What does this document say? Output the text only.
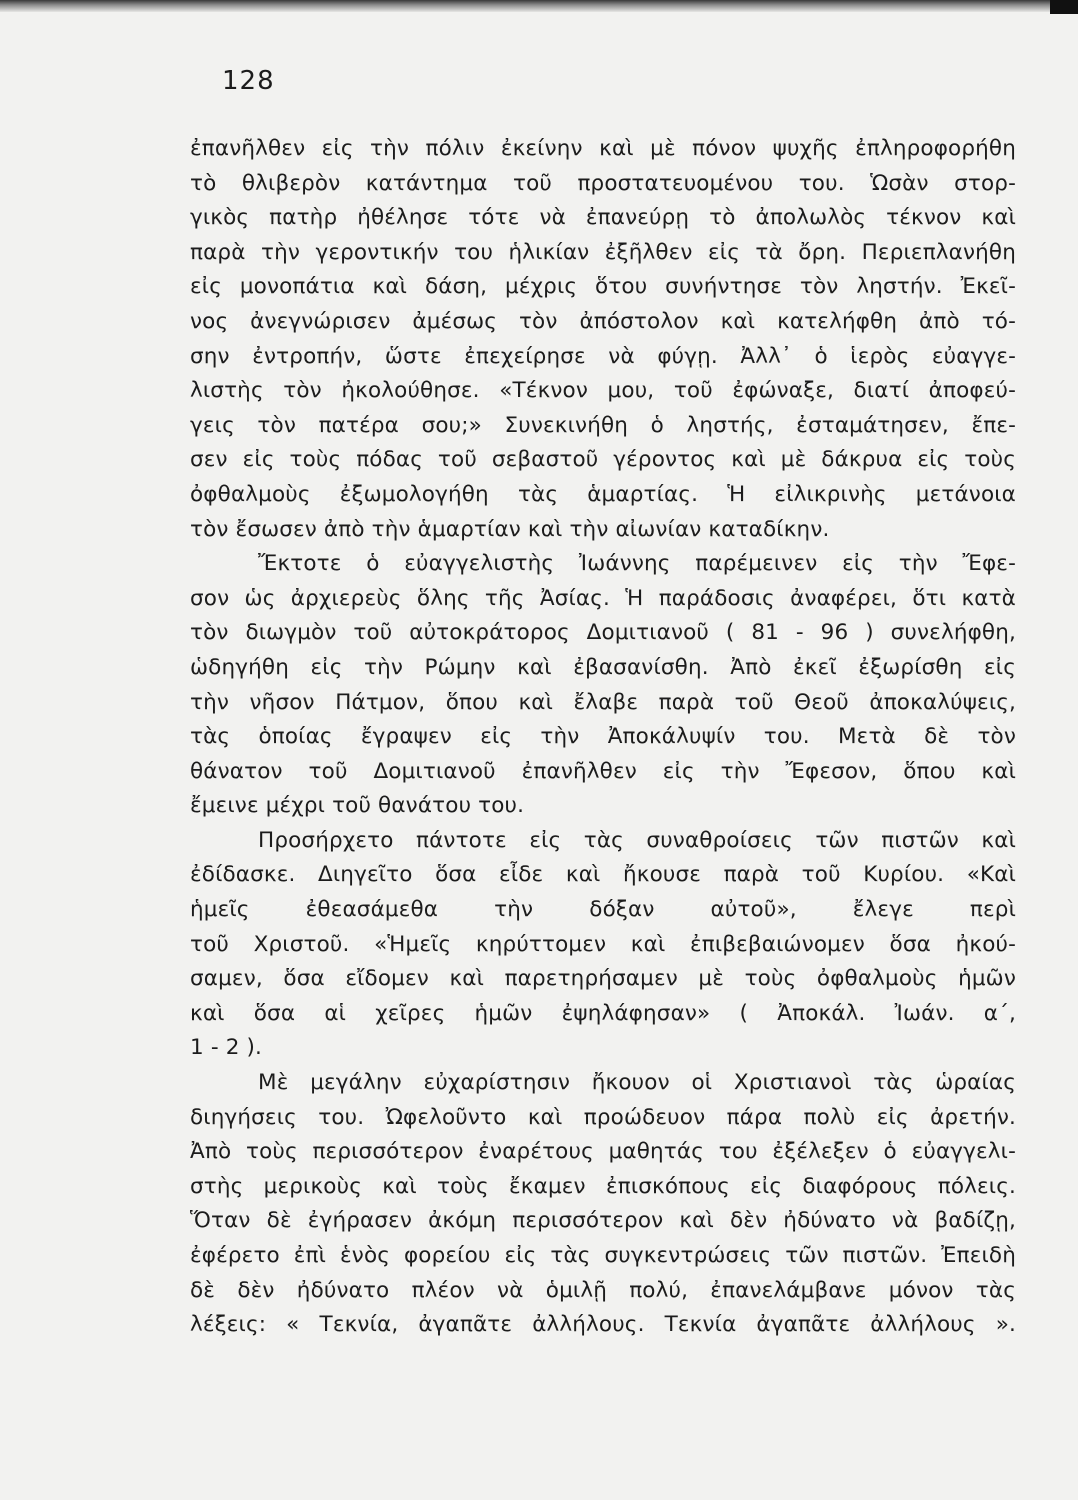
128
ἐπανῆλθεν εἰς τὴν πόλιν ἐκείνην καὶ μὲ πόνον ψυχῆς ἐπληροφορήθη
τὸ θλιβερὸν κατάντημα τοῦ προστατευομένου του. Ὡσὰν στορ-
γικὸς πατὴρ ἠθέλησε τότε νὰ ἐπανεύρῃ τὸ ἀπολωλὸς τέκνον καὶ
παρὰ τὴν γεροντικήν του ἡλικίαν ἐξῆλθεν εἰς τὰ ὄρη. Περιεπλανήθη
εἰς μονοπάτια καὶ δάση, μέχρις ὅτου συνήντησε τὸν ληστήν. Ἐκεῖ-
νος ἀνεγνώρισεν ἀμέσως τὸν ἀπόστολον καὶ κατελήφθη ἀπὸ τό-
σην ἐντροπήν, ὥστε ἐπεχείρησε νὰ φύγῃ. Ἀλλ᾽ ὁ ἱερὸς εὐαγγε-
λιστὴς τὸν ἠκολούθησε. «Τέκνον μου, τοῦ ἐφώναξε, διατί ἀποφεύ-
γεις τὸν πατέρα σου;» Συνεκινήθη ὁ ληστής, ἐσταμάτησεν, ἔπε-
σεν εἰς τοὺς πόδας τοῦ σεβαστοῦ γέροντος καὶ μὲ δάκρυα εἰς τοὺς
ὀφθαλμοὺς ἐξωμολογήθη τὰς ἁμαρτίας. Ἡ εἰλικρινὴς μετάνοια
τὸν ἔσωσεν ἀπὸ τὴν ἁμαρτίαν καὶ τὴν αἰωνίαν καταδίκην.
Ἔκτοτε ὁ εὐαγγελιστὴς Ἰωάννης παρέμεινεν εἰς τὴν Ἔφε-
σον ὡς ἀρχιερεὺς ὅλης τῆς Ἀσίας. Ἡ παράδοσις ἀναφέρει, ὅτι κατὰ
τὸν διωγμὸν τοῦ αὐτοκράτορος Δομιτιανοῦ ( 81 - 96 ) συνελήφθη,
ὡδηγήθη εἰς τὴν Ρώμην καὶ ἐβασανίσθη. Ἀπὸ ἐκεῖ ἐξωρίσθη εἰς
τὴν νῆσον Πάτμον, ὅπου καὶ ἔλαβε παρὰ τοῦ Θεοῦ ἀποκαλύψεις,
τὰς ὁποίας ἔγραψεν εἰς τὴν Ἀποκάλυψίν του. Μετὰ δὲ τὸν
θάνατον τοῦ Δομιτιανοῦ ἐπανῆλθεν εἰς τὴν Ἔφεσον, ὅπου καὶ
ἔμεινε μέχρι τοῦ θανάτου του.
Προσήρχετο πάντοτε εἰς τὰς συναθροίσεις τῶν πιστῶν καὶ
ἐδίδασκε. Διηγεῖτο ὅσα εἶδε καὶ ἤκουσε παρὰ τοῦ Κυρίου. «Καὶ
ἡμεῖς ἐθεασάμεθα τὴν δόξαν αὐτοῦ», ἔλεγε περὶ
τοῦ Χριστοῦ. «Ἡμεῖς κηρύττομεν καὶ ἐπιβεβαιώνομεν ὅσα ἠκού-
σαμεν, ὅσα εἴδομεν καὶ παρετηρήσαμεν μὲ τοὺς ὀφθαλμοὺς ἡμῶν
καὶ ὅσα αἱ χεῖρες ἡμῶν ἐψηλάφησαν» ( Ἀποκάλ. Ἰωάν. α΄,
1 - 2 ).
Μὲ μεγάλην εὐχαρίστησιν ἤκουον οἱ Χριστιανοὶ τὰς ὡραίας
διηγήσεις του. Ὠφελοῦντο καὶ προώδευον πάρα πολὺ εἰς ἀρετήν.
Ἀπὸ τοὺς περισσότερον ἐναρέτους μαθητάς του ἐξέλεξεν ὁ εὐαγγελι-
στὴς μερικοὺς καὶ τοὺς ἔκαμεν ἐπισκόπους εἰς διαφόρους πόλεις.
Ὅταν δὲ ἐγήρασεν ἀκόμη περισσότερον καὶ δὲν ἠδύνατο νὰ βαδίζῃ,
ἐφέρετο ἐπὶ ἑνὸς φορείου εἰς τὰς συγκεντρώσεις τῶν πιστῶν. Ἐπειδὴ
δὲ δὲν ἠδύνατο πλέον νὰ ὁμιλῇ πολύ, ἐπανελάμβανε μόνον τὰς
λέξεις: « Τεκνία, ἀγαπᾶτε ἀλλήλους. Τεκνία ἀγαπᾶτε ἀλλήλους ».
